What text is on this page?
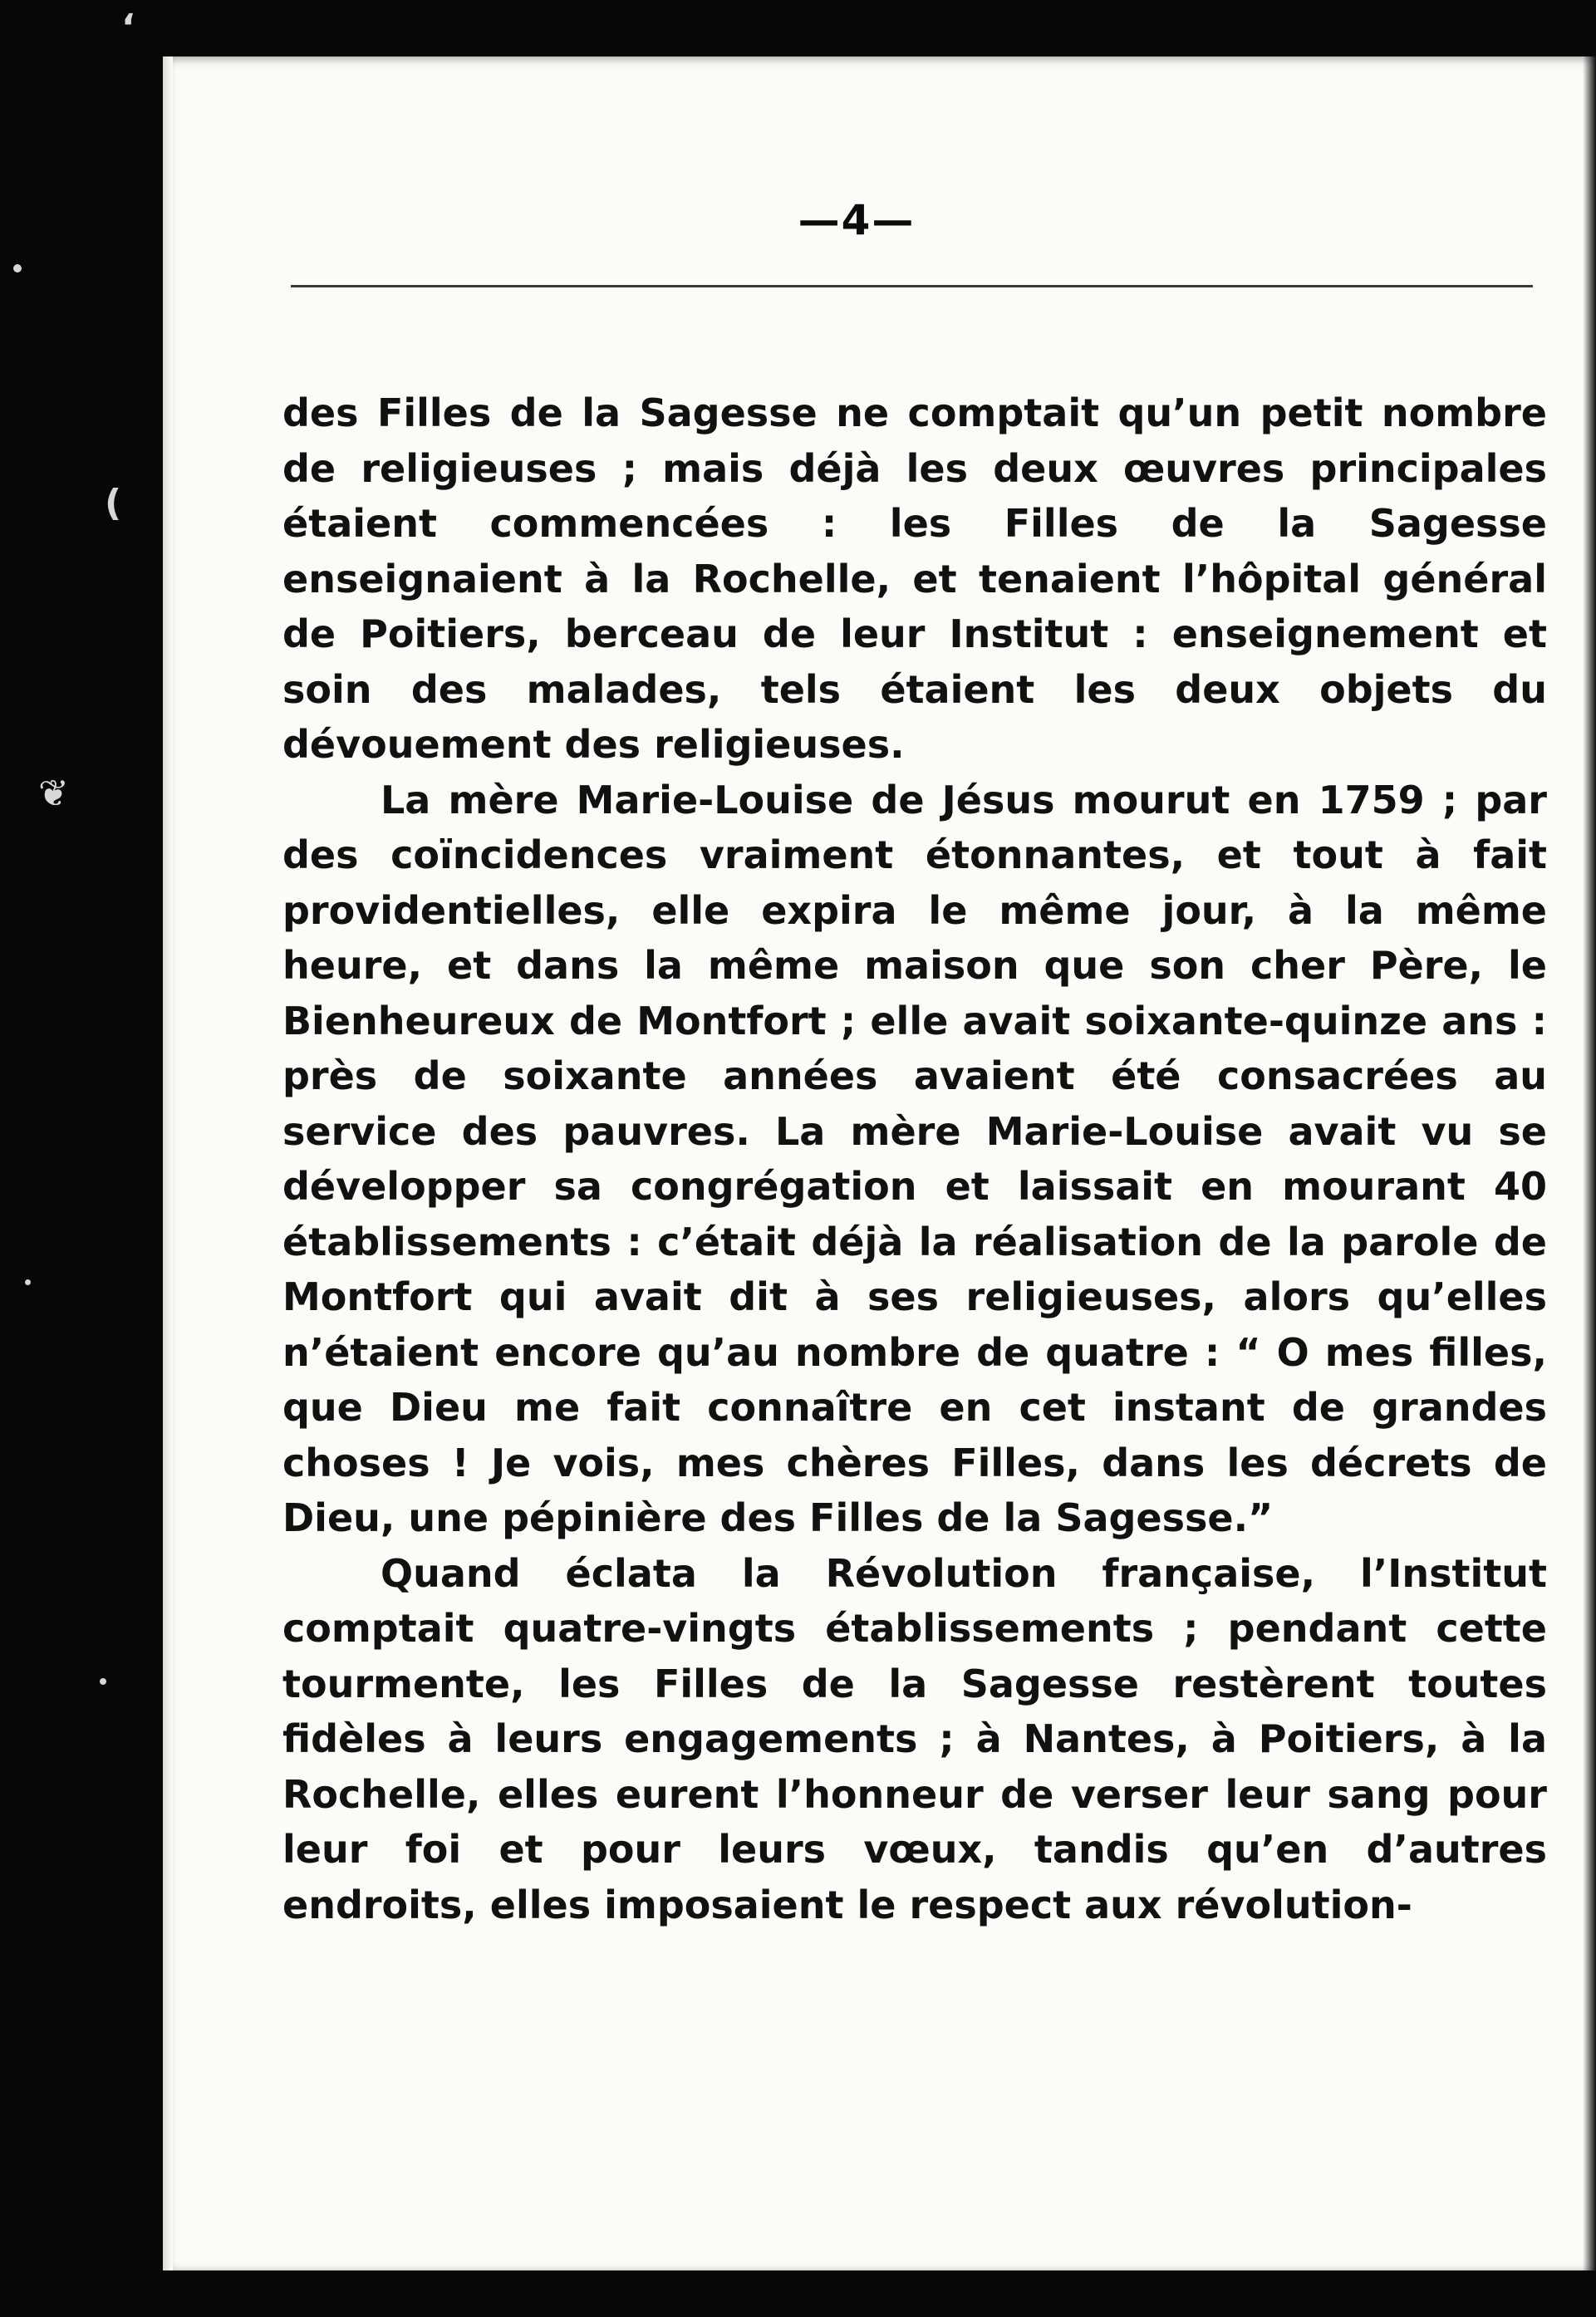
‘
❦
(
—4—

des Filles de la Sagesse ne comptait qu’un petit nombre de religieuses ; mais déjà les deux œuvres principales étaient commencées : les Filles de la Sagesse enseignaient à la Rochelle, et tenaient l’hôpital général de Poitiers, berceau de leur Institut : enseignement et soin des malades, tels étaient les deux objets du dévouement des religieuses.

La mère Marie-Louise de Jésus mourut en 1759 ; par des coïncidences vraiment étonnantes, et tout à fait providentielles, elle expira le même jour, à la même heure, et dans la même maison que son cher Père, le Bienheureux de Montfort ; elle avait soixante-quinze ans : près de soixante années avaient été consacrées au service des pauvres. La mère Marie-Louise avait vu se développer sa congrégation et laissait en mourant 40 établissements : c’était déjà la réalisation de la parole de Montfort qui avait dit à ses religieuses, alors qu’elles n’étaient encore qu’au nombre de quatre : “ O mes filles, que Dieu me fait connaître en cet instant de grandes choses ! Je vois, mes chères Filles, dans les décrets de Dieu, une pépinière des Filles de la Sagesse.”

Quand éclata la Révolution française, l’Institut comptait quatre-vingts établissements ; pendant cette tourmente, les Filles de la Sagesse restèrent toutes fidèles à leurs engagements ; à Nantes, à Poitiers, à la Rochelle, elles eurent l’honneur de verser leur sang pour leur foi et pour leurs vœux, tandis qu’en d’autres endroits, elles imposaient le respect aux révolution-
